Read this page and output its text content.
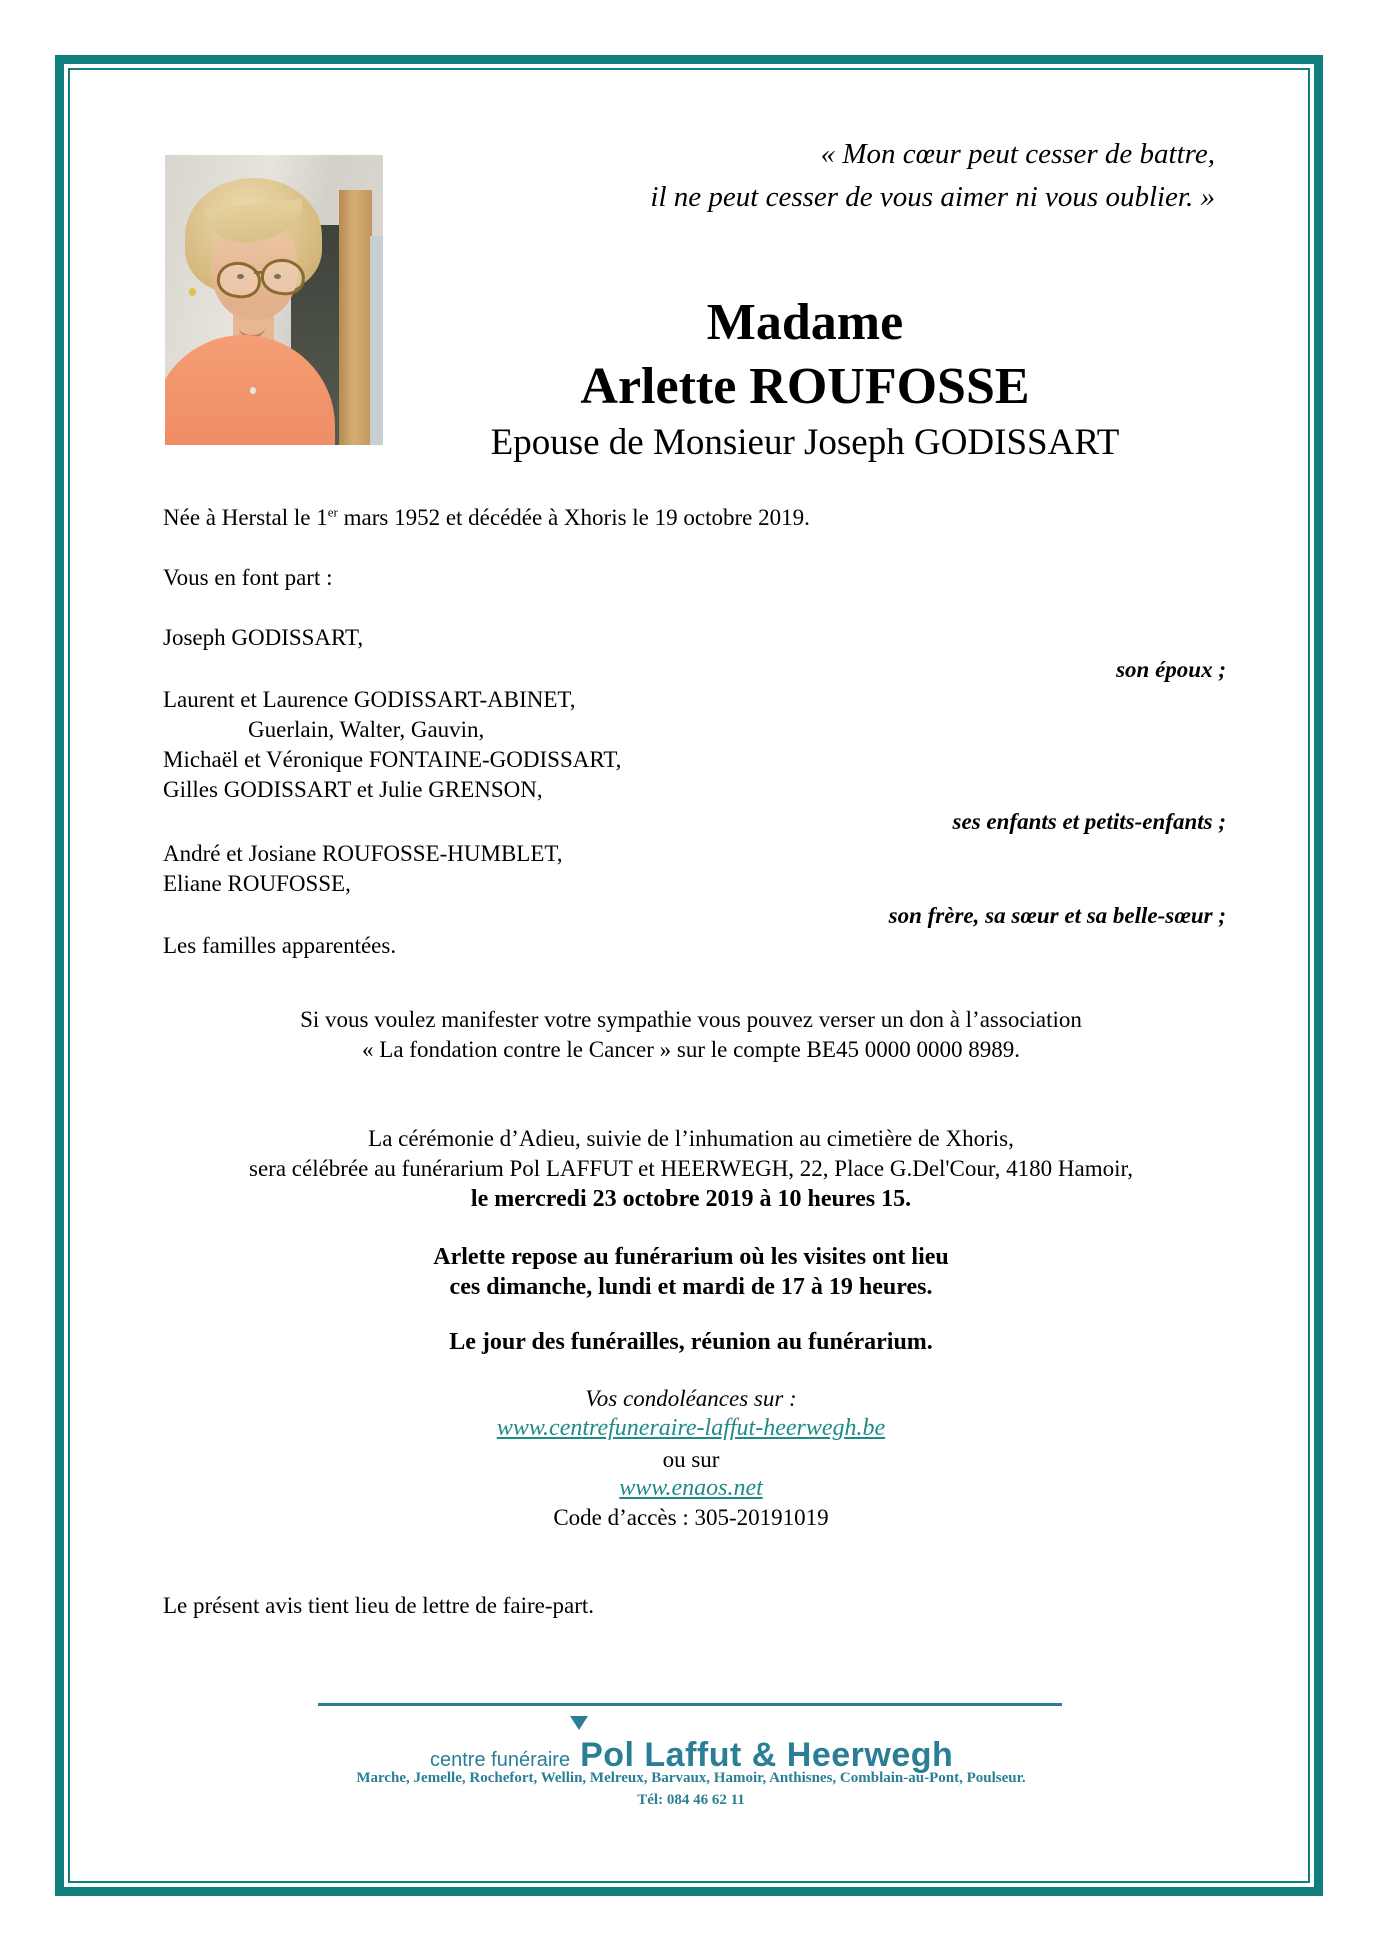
« Mon cœur peut cesser de battre,
il ne peut cesser de vous aimer ni vous oublier. »
Madame
Arlette ROUFOSSE
Epouse de Monsieur Joseph GODISSART
Née à Herstal le 1er mars 1952 et décédée à Xhoris le 19 octobre 2019.
Vous en font part :
Joseph GODISSART,
son époux ;
Laurent et Laurence GODISSART-ABINET,
Guerlain, Walter, Gauvin,
Michaël et Véronique FONTAINE-GODISSART,
Gilles GODISSART et Julie GRENSON,
ses enfants et petits-enfants ;
André et Josiane ROUFOSSE-HUMBLET,
Eliane ROUFOSSE,
son frère, sa sœur et sa belle-sœur ;
Les familles apparentées.
Si vous voulez manifester votre sympathie vous pouvez verser un don à l’association
« La fondation contre le Cancer » sur le compte BE45 0000 0000 8989.
La cérémonie d’Adieu, suivie de l’inhumation au cimetière de Xhoris,
sera célébrée au funérarium Pol LAFFUT et HEERWEGH, 22, Place G.Del'Cour, 4180 Hamoir,
le mercredi 23 octobre 2019 à 10 heures 15.
Arlette repose au funérarium où les visites ont lieu
ces dimanche, lundi et mardi de 17 à 19 heures.
Le jour des funérailles, réunion au funérarium.
Vos condoléances sur :
www.centrefuneraire-laffut-heerwegh.be
ou sur
www.enaos.net
Code d’accès : 305-20191019
Le présent avis tient lieu de lettre de faire-part.
centre funéraire Pol Laffut & Heerwegh
Marche, Jemelle, Rochefort, Wellin, Melreux, Barvaux, Hamoir, Anthisnes, Comblain-au-Pont, Poulseur.
Tél: 084 46 62 11
